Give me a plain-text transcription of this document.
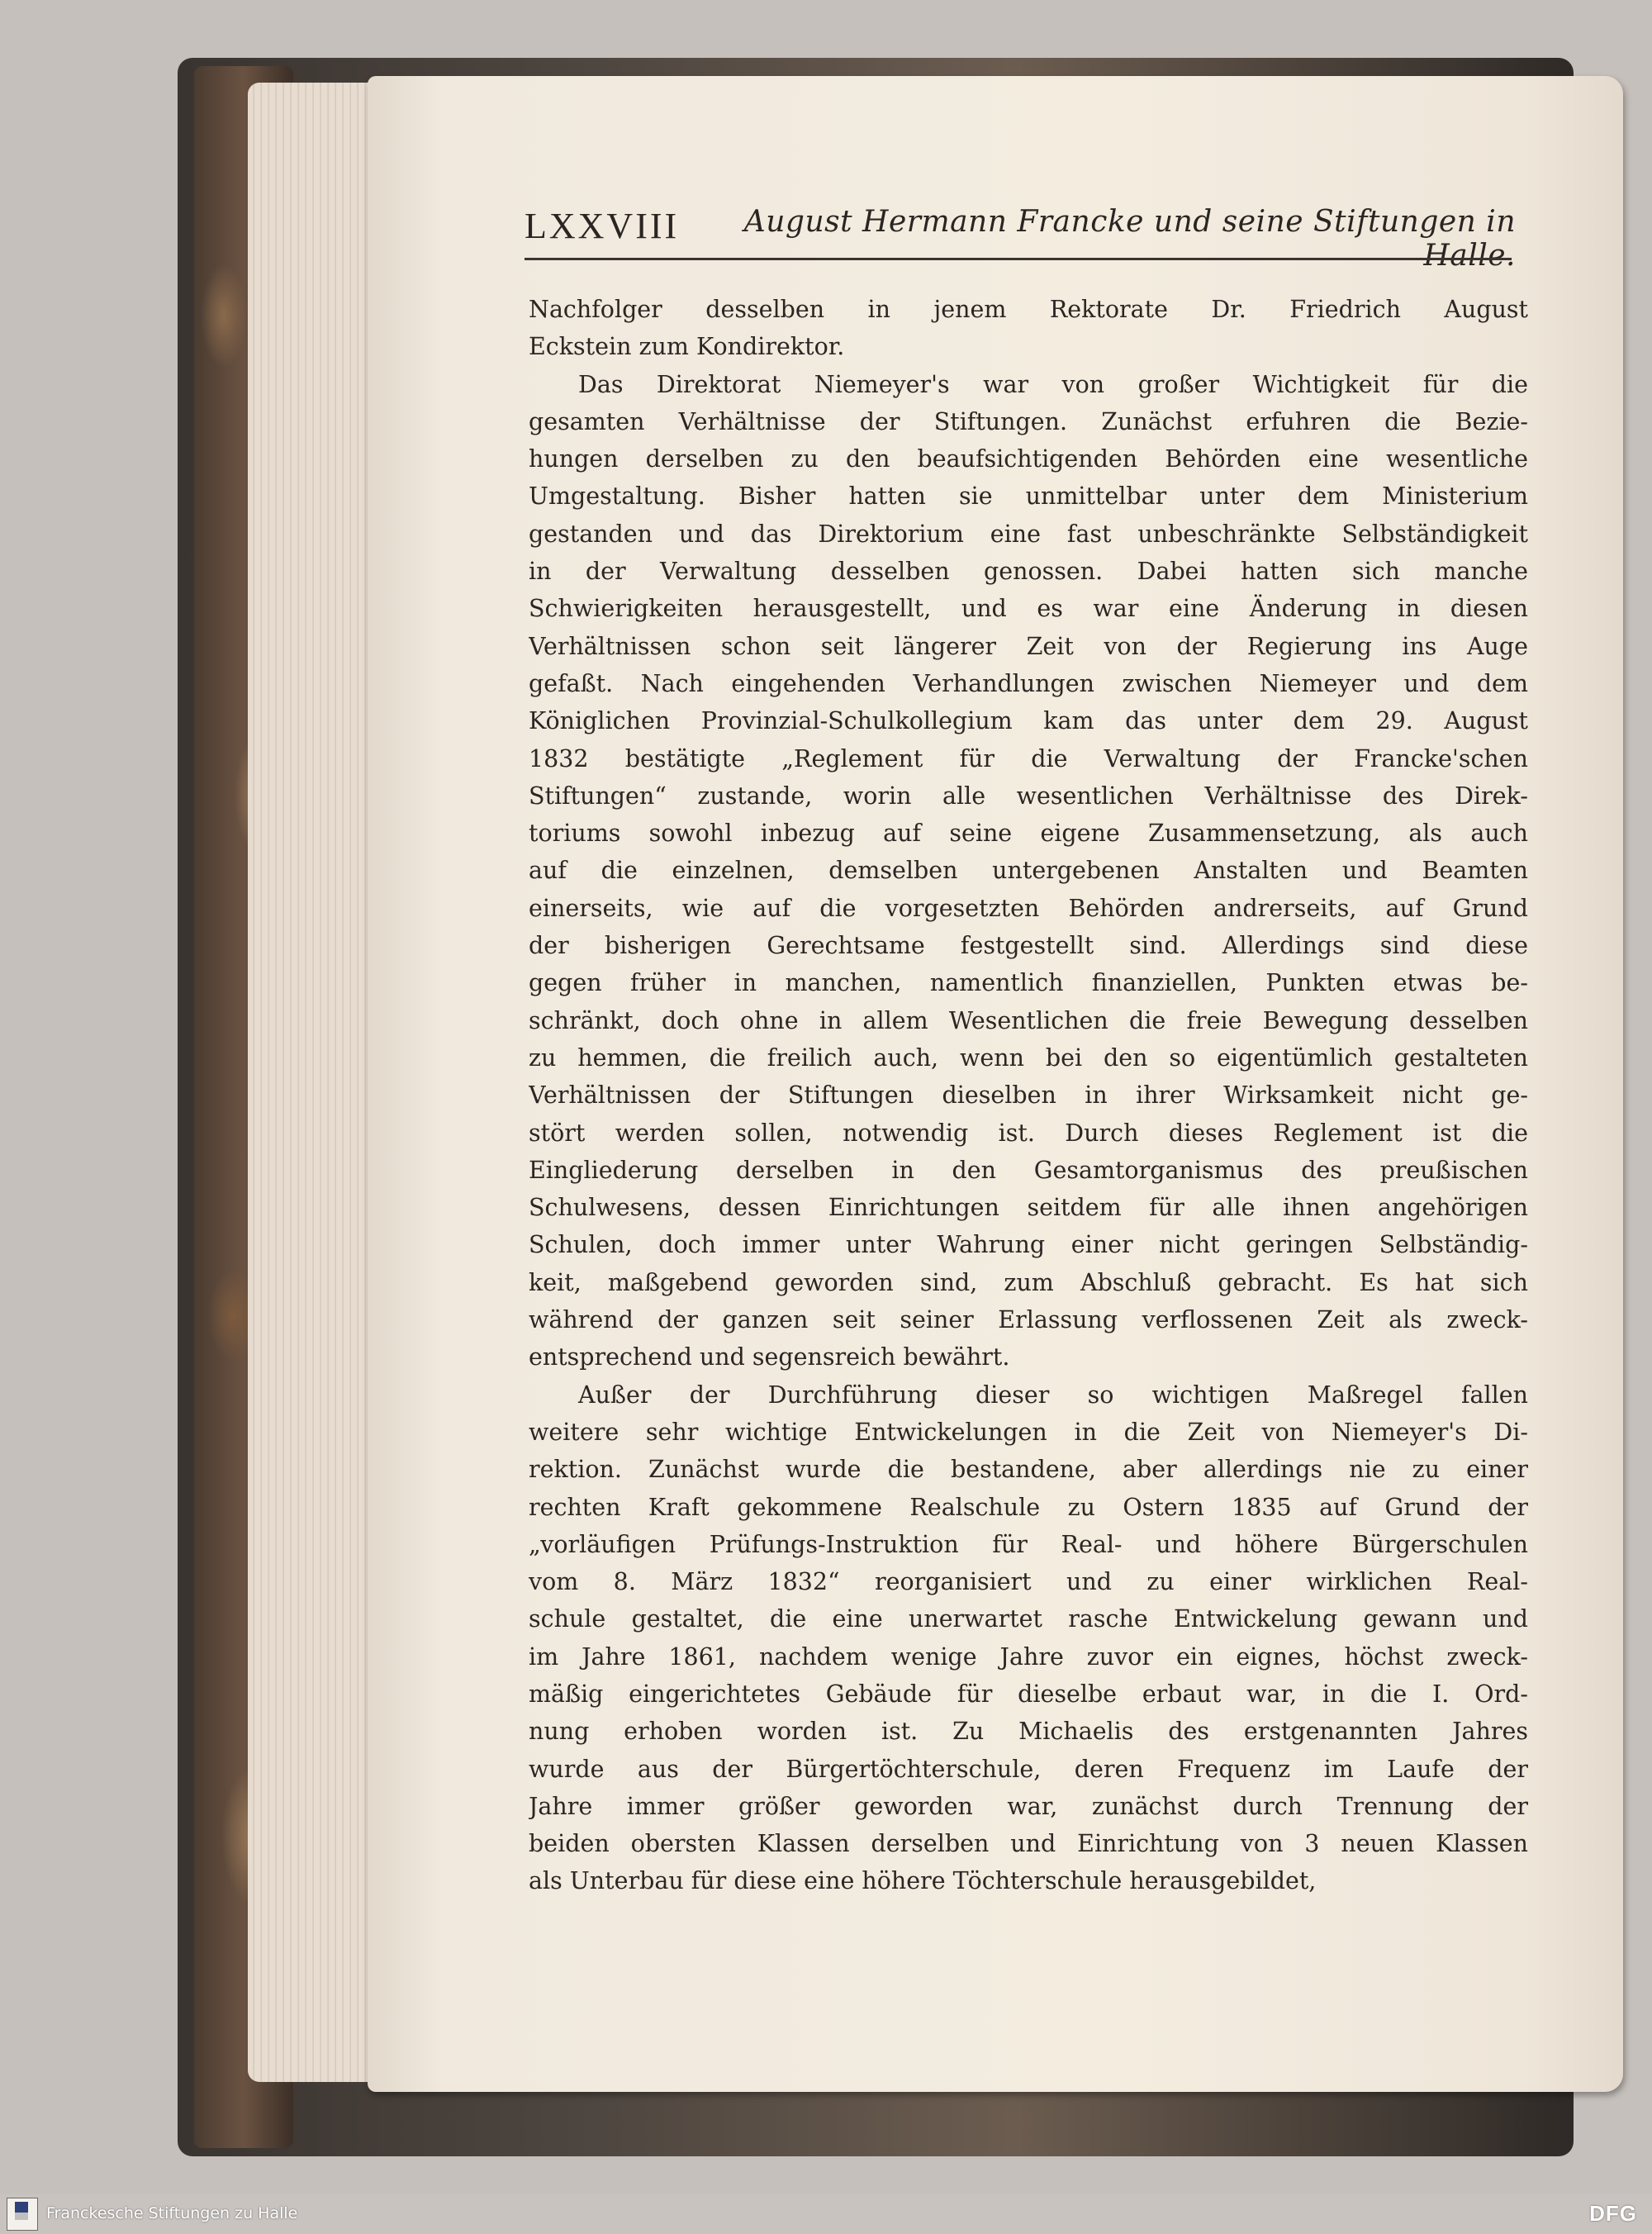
LXXVIII	August Hermann Francke und seine Stiftungen in Halle.
Nachfolger desselben in jenem Rektorate Dr. Friedrich August
Eckstein zum Kondirektor.
Das Direktorat Niemeyer's war von großer Wichtigkeit für die
gesamten Verhältnisse der Stiftungen. Zunächst erfuhren die Bezie-
hungen derselben zu den beaufsichtigenden Behörden eine wesentliche
Umgestaltung. Bisher hatten sie unmittelbar unter dem Ministerium
gestanden und das Direktorium eine fast unbeschränkte Selbständigkeit
in der Verwaltung desselben genossen. Dabei hatten sich manche
Schwierigkeiten herausgestellt, und es war eine Änderung in diesen
Verhältnissen schon seit längerer Zeit von der Regierung ins Auge
gefaßt. Nach eingehenden Verhandlungen zwischen Niemeyer und dem
Königlichen Provinzial-Schulkollegium kam das unter dem 29. August
1832 bestätigte „Reglement für die Verwaltung der Francke'schen
Stiftungen“ zustande, worin alle wesentlichen Verhältnisse des Direk-
toriums sowohl inbezug auf seine eigene Zusammensetzung, als auch
auf die einzelnen, demselben untergebenen Anstalten und Beamten
einerseits, wie auf die vorgesetzten Behörden andrerseits, auf Grund
der bisherigen Gerechtsame festgestellt sind. Allerdings sind diese
gegen früher in manchen, namentlich finanziellen, Punkten etwas be-
schränkt, doch ohne in allem Wesentlichen die freie Bewegung desselben
zu hemmen, die freilich auch, wenn bei den so eigentümlich gestalteten
Verhältnissen der Stiftungen dieselben in ihrer Wirksamkeit nicht ge-
stört werden sollen, notwendig ist. Durch dieses Reglement ist die
Eingliederung derselben in den Gesamtorganismus des preußischen
Schulwesens, dessen Einrichtungen seitdem für alle ihnen angehörigen
Schulen, doch immer unter Wahrung einer nicht geringen Selbständig-
keit, maßgebend geworden sind, zum Abschluß gebracht. Es hat sich
während der ganzen seit seiner Erlassung verflossenen Zeit als zweck-
entsprechend und segensreich bewährt.
Außer der Durchführung dieser so wichtigen Maßregel fallen
weitere sehr wichtige Entwickelungen in die Zeit von Niemeyer's Di-
rektion. Zunächst wurde die bestandene, aber allerdings nie zu einer
rechten Kraft gekommene Realschule zu Ostern 1835 auf Grund der
„vorläufigen Prüfungs-Instruktion für Real- und höhere Bürgerschulen
vom 8. März 1832“ reorganisiert und zu einer wirklichen Real-
schule gestaltet, die eine unerwartet rasche Entwickelung gewann und
im Jahre 1861, nachdem wenige Jahre zuvor ein eignes, höchst zweck-
mäßig eingerichtetes Gebäude für dieselbe erbaut war, in die I. Ord-
nung erhoben worden ist. Zu Michaelis des erstgenannten Jahres
wurde aus der Bürgertöchterschule, deren Frequenz im Laufe der
Jahre immer größer geworden war, zunächst durch Trennung der
beiden obersten Klassen derselben und Einrichtung von 3 neuen Klassen
als Unterbau für diese eine höhere Töchterschule herausgebildet,
Franckesche Stiftungen zu Halle	DFG
